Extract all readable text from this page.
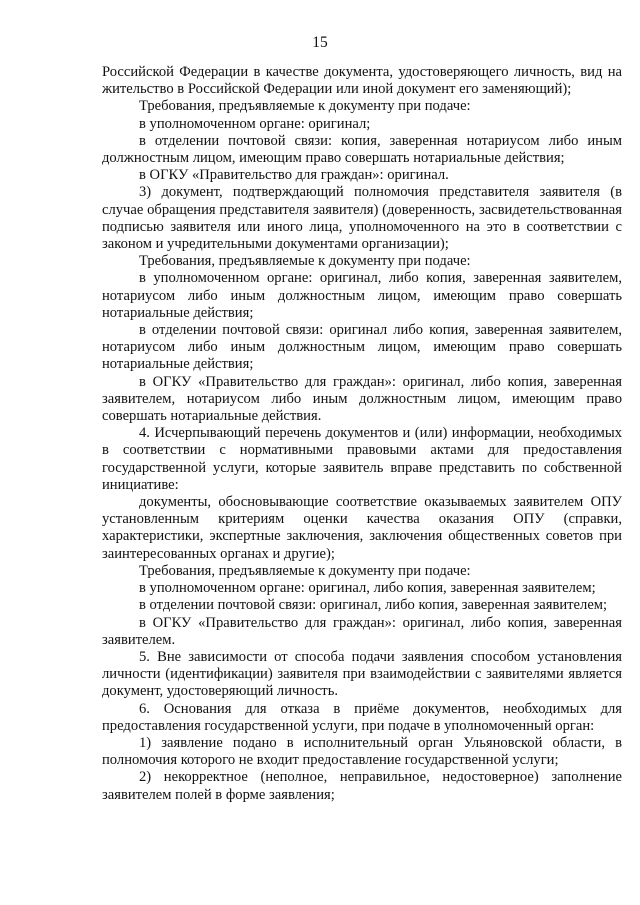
15

Российской Федерации в качестве документа, удостоверяющего личность, вид на жительство в Российской Федерации или иной документ его заменяющий);

Требования, предъявляемые к документу при подаче:

в уполномоченном органе: оригинал;

в отделении почтовой связи: копия, заверенная нотариусом либо иным должностным лицом, имеющим право совершать нотариальные действия;

в ОГКУ «Правительство для граждан»: оригинал.

3) документ, подтверждающий полномочия представителя заявителя (в случае обращения представителя заявителя) (доверенность, засвидетельствованная подписью заявителя или иного лица, уполномоченного на это в соответствии с законом и учредительными документами организации);

Требования, предъявляемые к документу при подаче:

в уполномоченном органе: оригинал, либо копия, заверенная заявителем, нотариусом либо иным должностным лицом, имеющим право совершать нотариальные действия;

в отделении почтовой связи: оригинал либо копия, заверенная заявителем, нотариусом либо иным должностным лицом, имеющим право совершать нотариальные действия;

в ОГКУ «Правительство для граждан»: оригинал, либо копия, заверенная заявителем, нотариусом либо иным должностным лицом, имеющим право совершать нотариальные действия.

4. Исчерпывающий перечень документов и (или) информации, необходимых в соответствии с нормативными правовыми актами для предоставления государственной услуги, которые заявитель вправе представить по собственной инициативе:

документы, обосновывающие соответствие оказываемых заявителем ОПУ установленным критериям оценки качества оказания ОПУ (справки, характеристики, экспертные заключения, заключения общественных советов при заинтересованных органах и другие);

Требования, предъявляемые к документу при подаче:

в уполномоченном органе: оригинал, либо копия, заверенная заявителем;

в отделении почтовой связи: оригинал, либо копия, заверенная заявителем;

в ОГКУ «Правительство для граждан»: оригинал, либо копия, заверенная заявителем.

5. Вне зависимости от способа подачи заявления способом установления личности (идентификации) заявителя при взаимодействии с заявителями является документ, удостоверяющий личность.

6. Основания для отказа в приёме документов, необходимых для предоставления государственной услуги, при подаче в уполномоченный орган:

1) заявление подано в исполнительный орган Ульяновской области, в полномочия которого не входит предоставление государственной услуги;

2) некорректное (неполное, неправильное, недостоверное) заполнение заявителем полей в форме заявления;
